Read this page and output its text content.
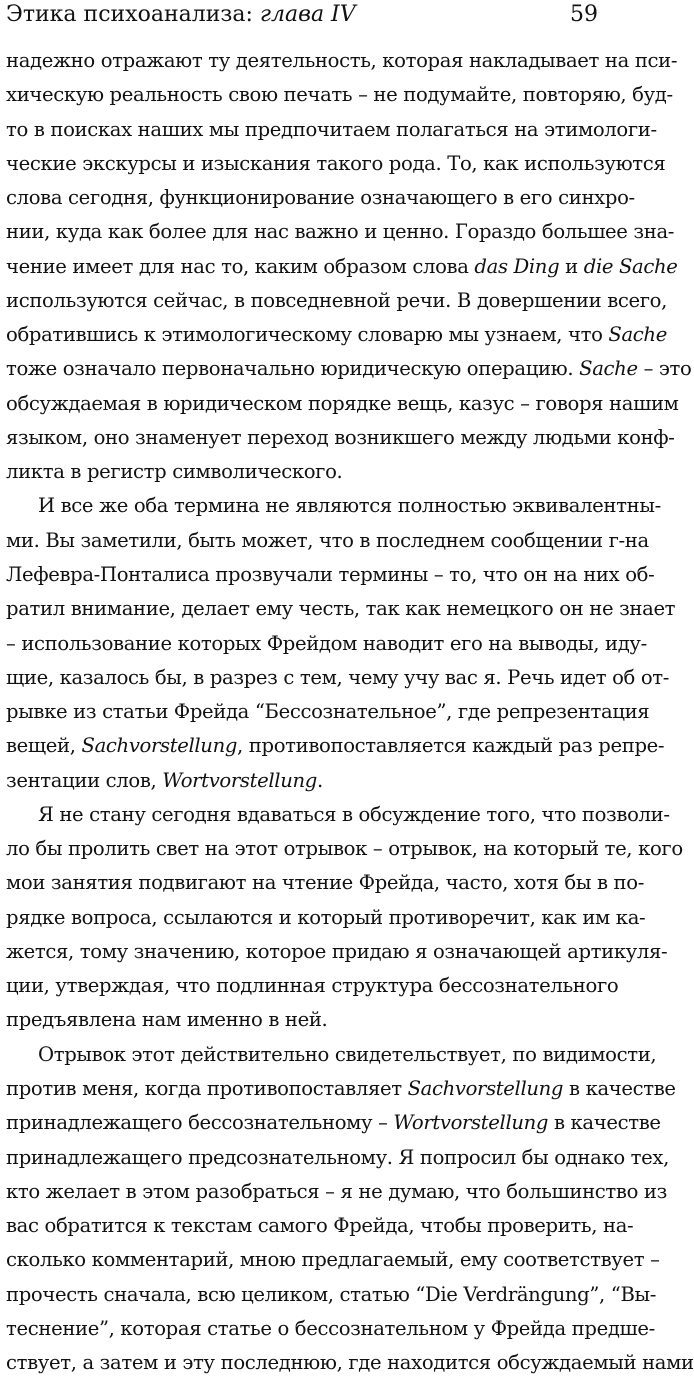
Этика психоанализа: глава IV	59
надежно отражают ту деятельность, которая накладывает на пси-
хическую реальность свою печать – не подумайте, повторяю, буд-
то в поисках наших мы предпочитаем полагаться на этимологи-
ческие экскурсы и изыскания такого рода. То, как используются
слова сегодня, функционирование означающего в его синхро-
нии, куда как более для нас важно и ценно. Гораздо большее зна-
чение имеет для нас то, каким образом слова das Ding и die Sache
используются сейчас, в повседневной речи. В довершении всего,
обратившись к этимологическому словарю мы узнаем, что Sache
тоже означало первоначально юридическую операцию. Sache – это
обсуждаемая в юридическом порядке вещь, казус – говоря нашим
языком, оно знаменует переход возникшего между людьми конф-
ликта в регистр символического.
И все же оба термина не являются полностью эквивалентны-
ми. Вы заметили, быть может, что в последнем сообщении г-на
Лефевра-Понталиса прозвучали термины – то, что он на них об-
ратил внимание, делает ему честь, так как немецкого он не знает
– использование которых Фрейдом наводит его на выводы, иду-
щие, казалось бы, в разрез с тем, чему учу вас я. Речь идет об от-
рывке из статьи Фрейда “Бессознательное”, где репрезентация
вещей, Sachvorstellung, противопоставляется каждый раз репре-
зентации слов, Wortvorstellung.
Я не стану сегодня вдаваться в обсуждение того, что позволи-
ло бы пролить свет на этот отрывок – отрывок, на который те, кого
мои занятия подвигают на чтение Фрейда, часто, хотя бы в по-
рядке вопроса, ссылаются и который противоречит, как им ка-
жется, тому значению, которое придаю я означающей артикуля-
ции, утверждая, что подлинная структура бессознательного
предъявлена нам именно в ней.
Отрывок этот действительно свидетельствует, по видимости,
против меня, когда противопоставляет Sachvorstellung в качестве
принадлежащего бессознательному – Wortvorstellung в качестве
принадлежащего предсознательному. Я попросил бы однако тех,
кто желает в этом разобраться – я не думаю, что большинство из
вас обратится к текстам самого Фрейда, чтобы проверить, на-
сколько комментарий, мною предлагаемый, ему соответствует –
прочесть сначала, всю целиком, статью “Die Verdrängung”, “Вы-
теснение”, которая статье о бессознательном у Фрейда предше-
ствует, а затем и эту последнюю, где находится обсуждаемый нами
